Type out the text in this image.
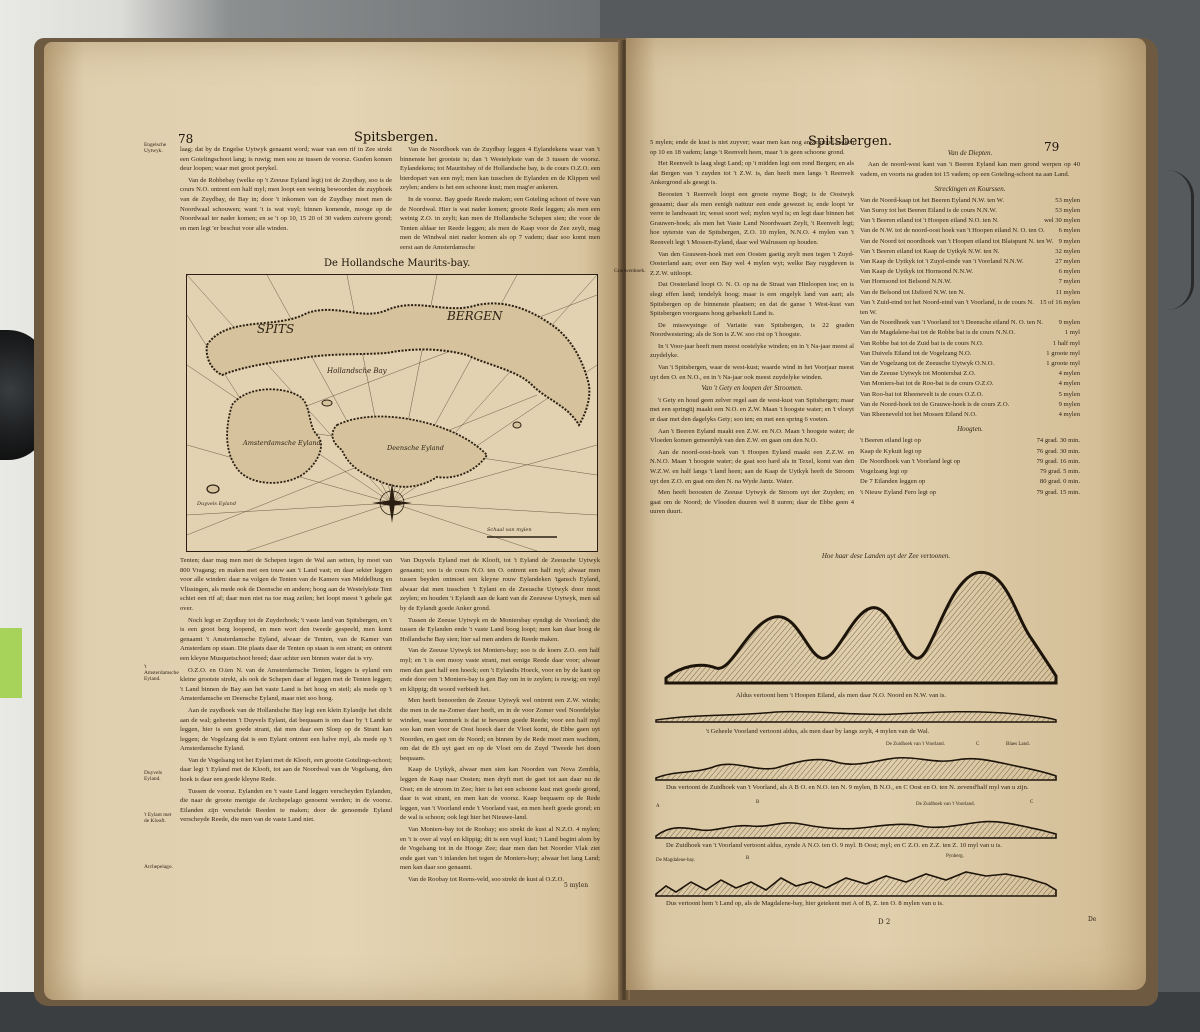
78	Spitsbergen.
Engelsche Uytwyk.	laag; dat by de Engelse Uytwyk genaamt word; waar van een rif in Zee strekt een Gotelingschoot lang; is ruwig; men sou ze tussen de voorsz. Gusfen komen deur loopen; waar met groot perykel.

Van de Robbebay (welke op 't Zeeuse Eyland legt) tot de Zuydbay, soo is de cours N.O. ontrent een half myl; men loopt een weinig bewoorden de zuyphoek van de Zuydbay, de Bay in; door 't inkomen van de Zuydbay moet men de Noordwaal schouwen; want 't is wat vuyl; binnen komende, mooge op de Noordwaal ter nader komen; en se 't op 10, 15 20 of 30 vadem zuivere grond; en men legt 'er beschut voor alle winden.

Van de Noordhoek van de Zuydbay leggen 4 Eylandekens waar van 't binnenste het grootste is; dan 't Westelykste van de 3 tussen de voorsz. Eylandekens; tot Mauritsbay of de Hollandsche bay, is de cours O.Z.O. een bierdopart van een myl; men kan tusschen de Eylanden en de Klippen wel zeylen; anders is het een schoone kust; men mag'er ankeren.

In de voorsz. Bay goede Reede maken; een Goteling schoot of twee van de Noordwal. Hier is wat nader komen; groote Rede leggen; als men een weinig Z.O. in zeylt; kan men de Hollandsche Schepen sien; die voor de Tenten aldaar ter Reede leggen; als men de Kaap voor de Zee zeylt, mag men de Windwal niet nader komen als op 7 vadem; daar soo komt men eerst aan de Amsterdamsche

De Hollandsche Maurits-bay.
SPITS
BERGEN
Hollandsche Bay
Amsterdamsche Eyland
Deensche Eyland
Duyvels Eyland
Schaal van mylen

Tenten; daar mag men met de Schepen tegen de Wal aan setten, hy moet van 800 Vragang; en maken met een touw aan 't Land vast; en daar sekter leggen voor alle winden: daar na volgen de Tenten van de Kamers van Middelburg en Vlissingen, als mede ook de Deensche en andere; hoog aan de Westelykste Tent schiet een rif af; daar men niet na toe mag zeilen; het loopt meest 't gehele gat over.

Noch legt er Zuydbay tot de Zuyderhoek; 't vaste land van Spitsbergen, en 't is een groot berg loopend, en men wort den tweede gespeeld, men komt genaamt 't Amsterdamsche Eyland, alwaar de Tenten, van de Kamer van Amsterdam op staan. Die plaats daar de Tenten op staan is een strant; en ontrent een kleyne Musquetschoot breed; daar achter een binnen water dat is vry.

O.Z.O. en O.ten N. van de Amsterdamsche Tenten, legges is eyland een kleine grootste strekt, als ook de Schepen daar af leggen met de Tenten leggen; 't Land binnen de Bay aan het vaste Land is het hoog en steil; als mede op 't Amsterdamsche en Deensche Eyland, maar niet soo hoog.

Aan de zuydhoek van de Hollandsche Bay legt een klein Eylandje het dicht aan de wal; geheeten 't Duyvels Eylant, dat bequaam is om daar by 't Landt te leggen, hier is een goede strant, dat men daar een Sloep op de Strant kan leggen; de Vogelzang dat is een Eylant ontrent een halve myl, als mede op 't Amsterdamsche Eyland.

Van de Vogelsang tot het Eylant met de Klooft, een grootte Gotelings-schoot; daar legt 't Eyland met de Klooft, tot aan de Noordwal van de Vogelsang, den hoek is daar een goede kleyne Rede.

Tussen de voorsz. Eylanden en 't vaste Land leggen verscheyden Eylanden, die naar de groote menigte de Archepelago genoemt werden; in de voorsz. Eilanden zijn verscheide Reeden te maken; door de genoemde Eyland verscheyde Reede, die men van de vaste Land niet.

't Amsterdamsche Eyland.
Duyvels Eyland.
't Eylant met de Klooft.
Archepelago.

Van Duyvels Eyland met de Klooft, tot 't Eyland de Zeeusche Uytwyk genaamt; soo is de cours N.O. ten O. ontrent een half myl; alwaar men tussen beyden ontmoet een kleyne rouw Eylandeken 'tgansch Eyland, alwaar dat men tusschen 't Eylant en de Zeeusche Uytwyk door moet zeylen; en houden 't Eylandt aan de kant van de Zeeuwse Uytwyk, men sal by de Eylandt goede Anker grond.

Tussen de Zeeuse Uytwyk en de Moniersbay eyndigt de Voorland; die tussen de Eylanden ende 't vaste Land boog loopt; men kan daar boog de Hollandsche Bay sien; hier sal men anders de Reede maken.

Van de Zeeuse Uytwyk tot Moniers-bay; soo is de koers Z.O. een half myl; en 't is een mooy vaste strant, met eenige Reede daar voor; alwaar men dan gaet half een hoeck; een 't Eylandts Hoeck, voor en by de kant op ende door een 't Moniers-bay is gen Bay om in te zeylen; is ruwig; en vuyl en klippig; dit woord verbiedt het.

Men heeft benoorden de Zeeuse Uytwyk wel ontrent een Z.W. winde; die men in de na-Zomer daer heeft, en in de voor Zomer veel Noordelyke winden, waar kenmerk is dat te bevaren goede Reede; voor een half myl soo kan men voor de Oost hoeck daer de Vloet komt, de Ebbe gaen uyt Noorden, en gaet om de Noord; en binnen by de Rede moet men wachten, om dat de Eb uyt gaet en op de Vloet om de Zuyd 'Tweede het doen bequaam.

Kaap de Uytkyk, alwaar men sien kan Noorden van Nova Zembla, leggen de Kaap naar Oosten; men dryft met de gaet tot aan daar nu de Oost; en de stroom in Zee; hier is het een schoone kust met goede grond, daar is wat strant, en men kan de voorsz. Kaap bequaem op de Rede leggen, van 't Voorland ende 't Voorland vast, en men heeft goede grond; en de wal is schoon; ook legt hier het Nieuwe-land.

Van Moniers-bay tot de Roobay; soo strekt de kust al N.Z.O. 4 mylen; en 't is over al vuyl en klippig; dit is een vuyl kust; 't Land begint alom by de Vogelsang tot in de Hooge Zee; daar men dan het Noorder Vlak ziet ende gaet van 't inlanden het tegen de Moniers-bay; alwaar het lang Land; men kan daar soo genaamt.

Van de Roobay tot Reens-veld, soo strekt de kust al O.Z.O.

5 mylen
Spitsbergen.	79

5 mylen; ende de kust is niet zuyver; waar men kan nog ankergrond soeken op 10 en 18 vadem; langs 't Reenvelt heen, maar 't is geen schoone grond.

Het Reenvelt is laag slegt Land; op 't midden legt een rond Bergen; en als dat Bergen van 't zuyden tot 't Z.W. is, dan heeft men langs 't Reenvelt Ankergrond als gesegt is.

Beoosten 't Reenvelt loopt een groote ruyme Bogt; is de Oostwyk genaamt; daar als men eenigh nattuur een ende gewezet is; ende loopt 'er verre te landwaart in; wesst soort wel; mylen wyd is; en legt daar binnen het Grauwen-hoek; als men het Vaste Land Noordwaart Zeylt, 't Reenvelt legt; hoe uyterste van de Spitsbergen, Z.O. 10 mylen, N.N.O. 4 mylen van 't Reenvelt legt 't Mossen-Eyland, daar wel Walrussen op houden.

Van den Grauwen-hoek met een Oosten gaetig zeylt men tegen 't Zuyd-Oosterland aan; over een Bay wel 4 mylen wyt; welke Bay ruygdeven is Z.Z.W. uitloopt.

Dat Oosterland loopt O. N. O. op na de Straat van Hinloopen toe; en is slegt effen land; tendelyk hoog; maar is een ongelyk land van aart; als Spitsbergen op de binnenste plaatsen; en dat de ganse 't West-kust van Spitsbergen voorgaans hoog gebaekelt Land is.

De misswysinge of Variatie van Spitsbergen, is 22 graden Noordwestering; als de Son is Z.W. soo rist op 't hoogste.

In 't Voor-jaar heeft men meest oostelyke winden; en in 't Na-jaar meest al zuydelyke.

Van 't Spitsbergen, waar de west-kust; waarde wind in het Voorjaar meest uyt den O. en N.O., en in 't Na-jaar ook meest zuydelyke winden.

Van 't Gety en loopen der Stroomen.

't Gety en houd geen zelver regel aan de west-kust van Spitsbergen; maar met een springtij maakt een N.O. en Z.W. Maan 't hoogste water; en 't vloeyt er daar met den dagelyks Gety; soo ten; en met een spring 6 voeten.

Aan 't Beeren Eyland maakt een Z.W. en N.O. Maan 't hoogste water; de Vloeden komen gemeenlyk van den Z.W. en gaan om den N.O.

Aan de noord-oost-hoek van 't Hoopen Eyland maakt een Z.Z.W. en N.N.O. Maan 't hoogste water; de gaat soo hard als in Texel, komt van den W.Z.W. en half langs 't land heen; aan de Kaap de Uytkyk heeft de Stroom uyt den Z.O. en gaat om den N. na Wyde Jantz. Water.

Men heeft beoosten de Zeeuse Uytwyk de Stroom uyt der Zuyden; en gaat om de Noord; de Vloeden duuren wel 8 uuren; daar de Ebbe geen 4 uuren duurt.

Grauwenhoek.
Van de Diepten.

Aan de noord-west kant van 't Beeren Eyland kan men grond werpen op 40 vadem, en voorts na graden tot 15 vadem; op een Goteling-schoot na aan Land.

Streckingen en Kourssen.
Van de Noord-kaap tot het Beeren Eyland N.W. ten W.	53 mylen
Van Suroy tot het Beeren Eiland is de cours N.N.W.	53 mylen
Van 't Beeren eiland tot 't Hoopen eiland N.O. ten N.	wel 30 mylen
Van de N.W. tot de noord-oost hoek van 't Hoopen eiland N. O. ten O.	6 mylen
Van de Noord tot noordhoek van 't Hoopen eiland tot Blaispunt N. ten W. 9 mylen
Van 't Beeren eiland tot Kaap de Uytkyk N.W. ten N.	32 mylen
Van Kaap de Uytkyk tot 't Zuyd-einde van 't Voorland N.N.W.	27 mylen
Van Kaap de Uytkyk tot Hornsond N.N.W.	6 mylen
Van Hornsond tot Belsond N.N.W.	7 mylen
Van de Belsond tot IJsfiord N.W. ten N.	11 mylen
Van 't Zuid-eind tot het Noord-eind van 't Voorland, is de cours N. ten W.
15 of 16 mylen
Van de Noordhoek van 't Voorland tot 't Deensche eiland N. O. ten N.	9 mylen
Van de Magdalene-bai tot de Robbe bai is de cours N.N.O.	1 myl
Van Robbe bai tot de Zuid bai is de cours N.O.	1 half myl
Van Duivels Eiland tot de Vogelzang N.O.	1 groote myl
Van de Vogelzang tot de Zeeusche Uytwyk O.N.O.	1 groote myl
Van de Zeeuse Uytwyk tot Moniersbai Z.O.	4 mylen
Van Moniers-bai tot de Roo-bai is de cours O.Z.O.	4 mylen
Van Roo-bai tot Rheenevelt is de cours O.Z.O.	5 mylen
Van de Noord-hoek tot de Grauwe-hoek is de cours Z.O.	9 mylen
Van Rheeneveld tot het Mossen Eiland N.O.	4 mylen
Hoogten.
't Beeren eiland legt op	74 grad. 30 min.
Kaap de Kykuit legt op	76 grad. 30 min.
De Noordhoek van 't Voorland legt op	79 grad. 16 min.
Vogelzang legt op	79 grad. 5 min.
De 7 Eilanden leggen op	80 grad. 0 min.
't Nieuw Eyland Fero legt op	79 grad. 15 min.
Hoe haar dese Landen uyt der Zee vertoonen.
Aldus vertoont hem 't Hoopen Eiland, als men daar N.O. Noord en N.W. van is.
't Geheele Voorland vertoont aldus, als men daar by langs zeylt, 4 mylen van de Wal.
De Zuidhoek van 't Voorland.	C	Blaes Land.
Dus vertoont de Zuidhoek van 't Voorland, als A B O. en N.O. ten N. 9 mylen, B N.O., en C Oost en O. ten N. zevend'half myl van u zijn.
A
B	De Zuidhoek van 't Voorland.	C
De Zuidhoek van 't Voorland vertoont aldus, zynde A N.O. ten O. 9 myl. B Oost; myl; en C Z.O. en Z.Z. ten Z. 10 myl van u is.
De Magdalene-bay.	B	Pynberg.
Dus vertoont hem 't Land op, als de Magdalene-bay, hier getekent met A of B, Z. ten O. 8 mylen van u is.
D 2	De
